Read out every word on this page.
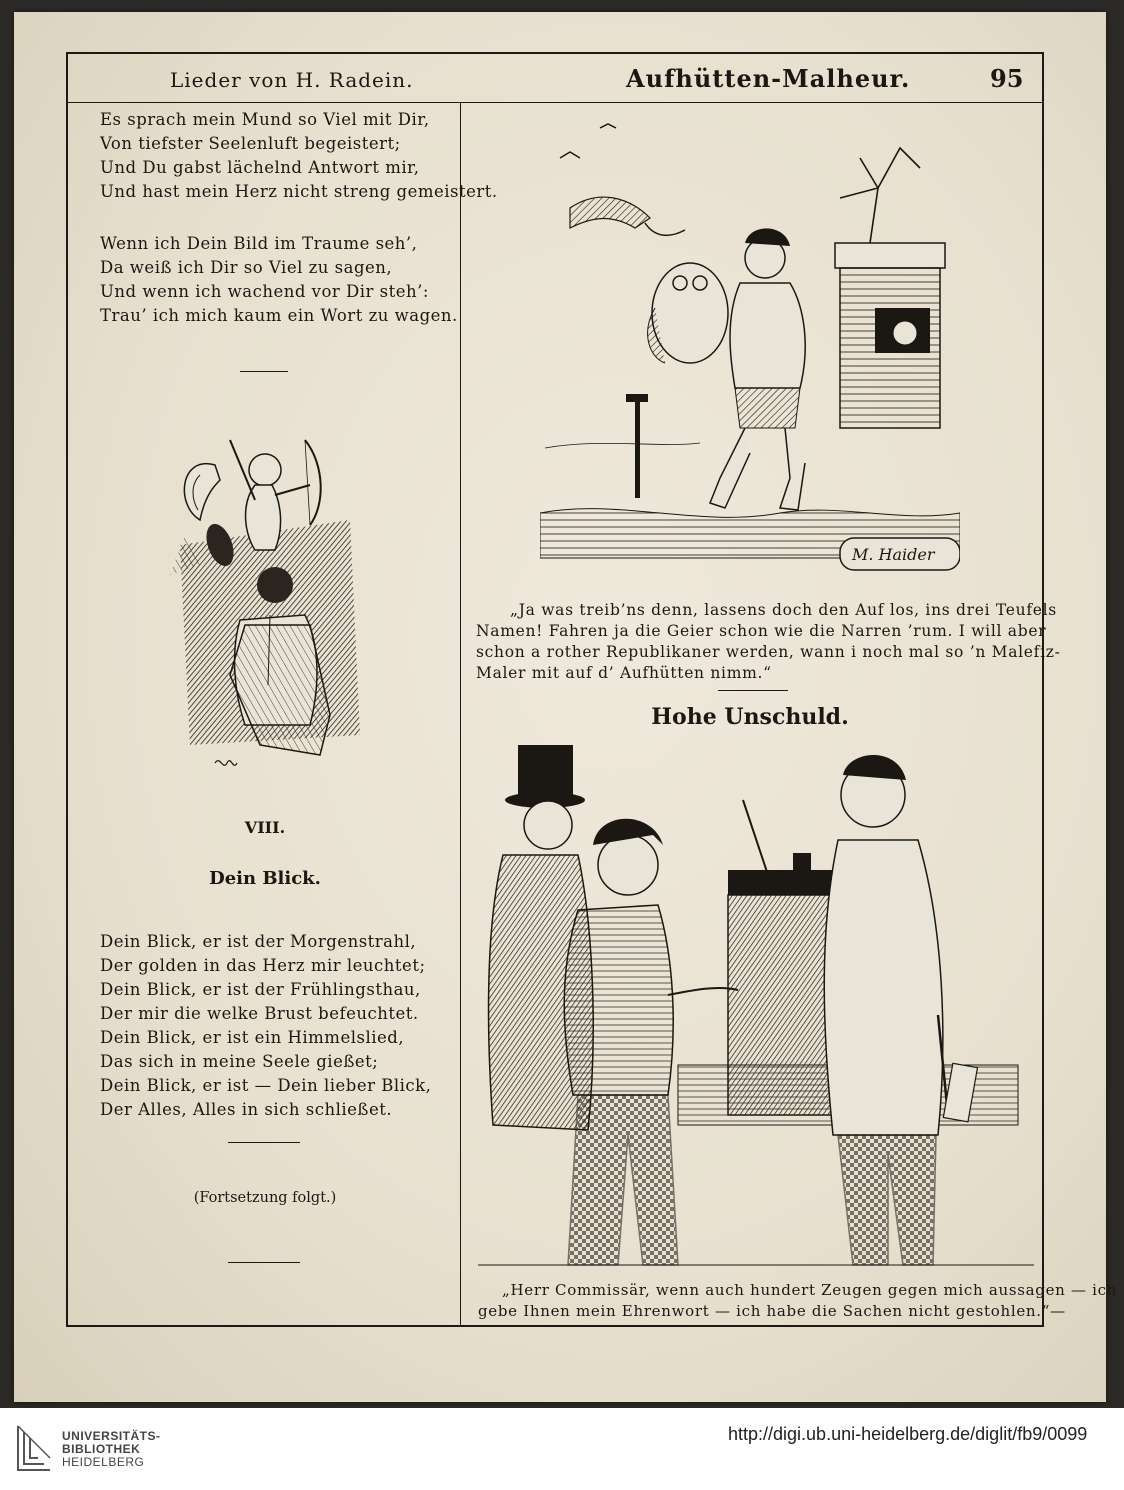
Lieder von H. Radein.	Aufhütten-Malheur.	95
Es sprach mein Mund so Viel mit Dir,
Von tiefster Seelenluft begeistert;
Und Du gabst lächelnd Antwort mir,
Und hast mein Herz nicht streng gemeistert.
Wenn ich Dein Bild im Traume seh’,
Da weiß ich Dir so Viel zu sagen,
Und wenn ich wachend vor Dir steh’:
Trau’ ich mich kaum ein Wort zu wagen.
VIII.
Dein Blick.
Dein Blick, er ist der Morgenstrahl,
Der golden in das Herz mir leuchtet;
Dein Blick, er ist der Frühlingsthau,
Der mir die welke Brust befeuchtet.
Dein Blick, er ist ein Himmelslied,
Das sich in meine Seele gießet;
Dein Blick, er ist — Dein lieber Blick,
Der Alles, Alles in sich schließet.
(Fortsetzung folgt.)
M. Haider
„Ja was treib’ns denn, lassens doch den Auf los, ins drei Teufels
Namen! Fahren ja die Geier schon wie die Narren ’rum. I will aber
schon a rother Republikaner werden, wann i noch mal so ’n Malefiz-
Maler mit auf d’ Aufhütten nimm.“
Hohe Unschuld.
„Herr Commissär, wenn auch hundert Zeugen gegen mich aussagen — ich
gebe Ihnen mein Ehrenwort — ich habe die Sachen nicht gestohlen.“—
UNIVERSITÄTS-
BIBLIOTHEK
HEIDELBERG
http://digi.ub.uni-heidelberg.de/diglit/fb9/0099
